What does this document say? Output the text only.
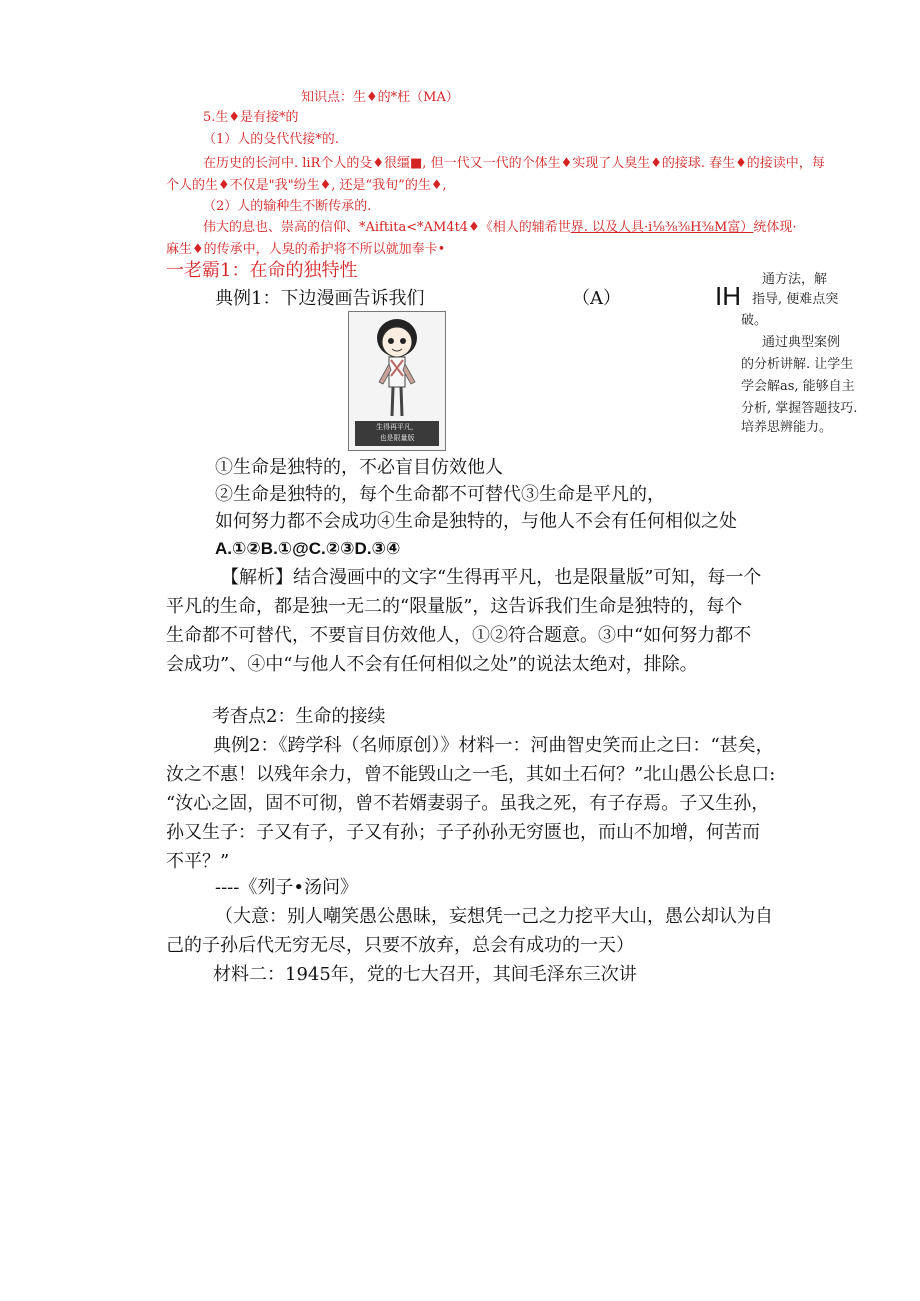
知识点：生♦的*枉（MA）
5.生♦是有接*的
（1）人的殳代代接*的.
在历史的长河中. liR个人的殳♦很缰■, 但一代又一代的个体生♦实现了人臭生♦的接球. 春生♦的接读中，每
个人的生♦不仅是"我"纷生♦, 还是“我旬”的生♦,
（2）人的输种生不断传承的.
伟大的息也、崇高的信仰、*Aiftita<*AM4t4♦《相人的辅希世界. 以及人具·i⅛⅜⅜H⅜M富）统体现·
麻生♦的传承中，人臭的希护将不所以就加奉卡•
一老霸1：在命的独特性
典例1：下边漫画告诉我们	（A）
生得再平凡，
也是限量版
IH
通方法，解
指导, 便难点突
破。
通过典型案例
的分析讲解. 让学生
学会解as, 能够自主
分析, 掌握答题技巧.
培养思辨能力。
①生命是独特的，不必盲目仿效他人
②生命是独特的，每个生命都不可替代③生命是平凡的，
如何努力都不会成功④生命是独特的，与他人不会有任何相似之处
A.①②B.①@C.②③D.③④
【解析】结合漫画中的文字“生得再平凡，也是限量版”可知，每一个
平凡的生命，都是独一无二的“限量版”，这告诉我们生命是独特的，每个
生命都不可替代，不要盲目仿效他人，①②符合题意。③中“如何努力都不
会成功”、④中“与他人不会有任何相似之处”的说法太绝对，排除。
考杳点2：生命的接续
典例2：《跨学科（名师原创）》材料一：河曲智史笑而止之曰：“甚矣，
汝之不惠！以残年余力，曾不能毁山之一毛，其如土石何？”北山愚公长息口:
“汝心之固，固不可彻，曾不若婿妻弱子。虽我之死，有子存焉。子又生孙，
孙又生子：子又有子，子又有孙；子子孙孙无穷匮也，而山不加增，何苦而
不平？”
----《列子•汤问》
（大意：别人嘲笑愚公愚昧，妄想凭一己之力挖平大山，愚公却认为自
己的子孙后代无穷无尽，只要不放弃，总会有成功的一天）
材料二：1945年，党的七大召开，其间毛泽东三次讲
